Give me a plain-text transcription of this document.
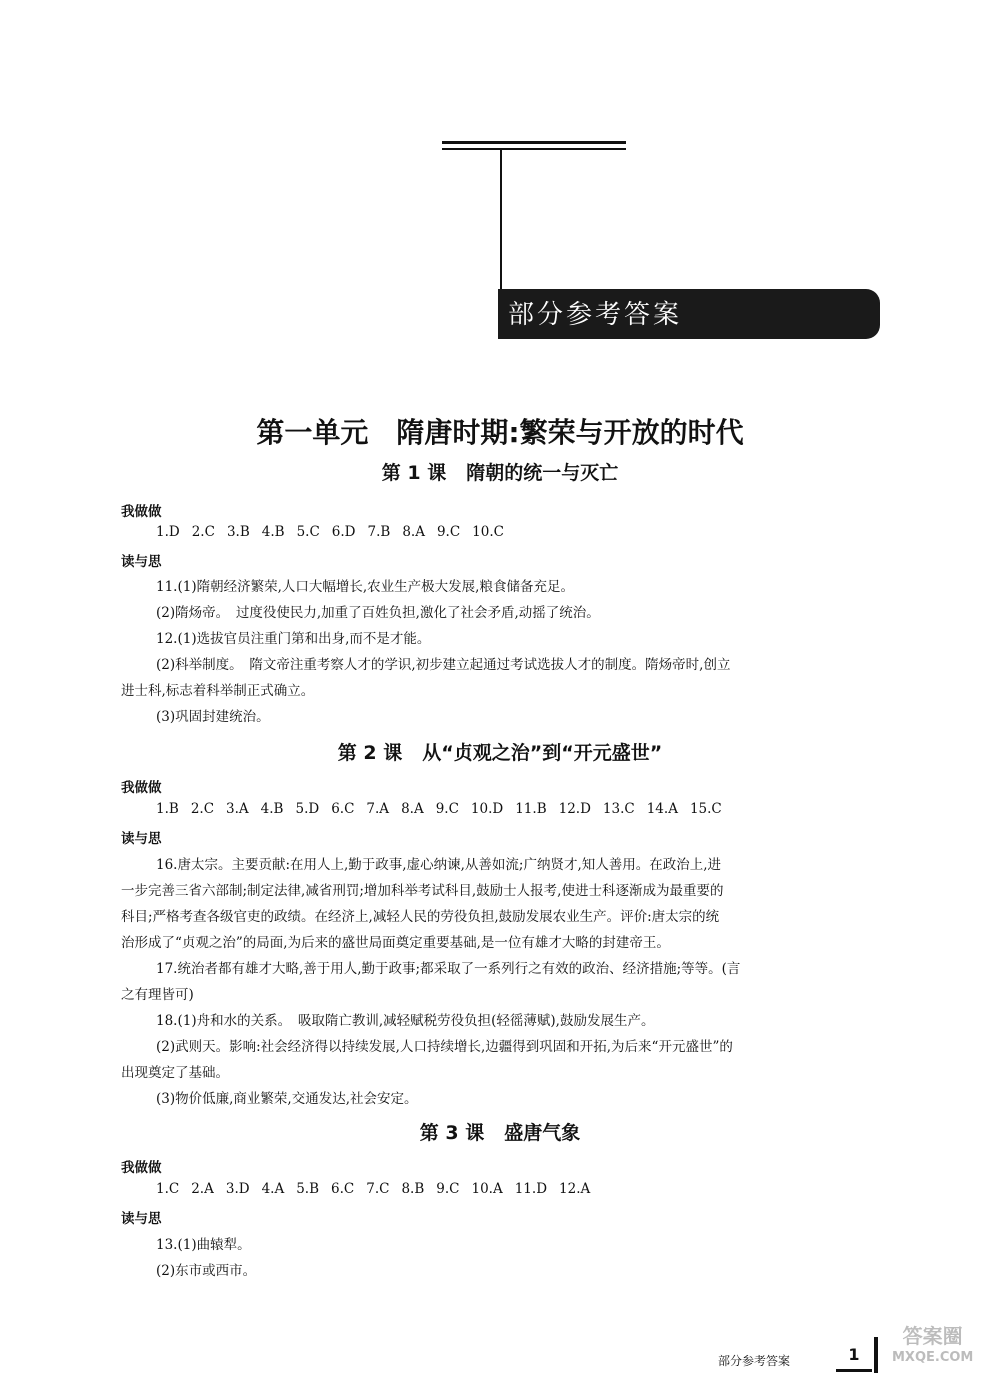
部分参考答案
第一单元　隋唐时期:繁荣与开放的时代
第 1 课 隋朝的统一与灭亡
我做做
1.D 2.C 3.B 4.B 5.C 6.D 7.B 8.A 9.C 10.C
读与思
11.(1)隋朝经济繁荣,人口大幅增长,农业生产极大发展,粮食储备充足。
(2)隋炀帝。　过度役使民力,加重了百姓负担,激化了社会矛盾,动摇了统治。
12.(1)选拔官员注重门第和出身,而不是才能。
(2)科举制度。　隋文帝注重考察人才的学识,初步建立起通过考试选拔人才的制度。隋炀帝时,创立
进士科,标志着科举制正式确立。
(3)巩固封建统治。
第 2 课 从“贞观之治”到“开元盛世”
我做做
1.B 2.C 3.A 4.B 5.D 6.C 7.A 8.A 9.C 10.D 11.B 12.D 13.C 14.A 15.C
读与思
16.唐太宗。主要贡献:在用人上,勤于政事,虚心纳谏,从善如流;广纳贤才,知人善用。在政治上,进
一步完善三省六部制;制定法律,减省刑罚;增加科举考试科目,鼓励士人报考,使进士科逐渐成为最重要的
科目;严格考查各级官吏的政绩。在经济上,减轻人民的劳役负担,鼓励发展农业生产。评价:唐太宗的统
治形成了“贞观之治”的局面,为后来的盛世局面奠定重要基础,是一位有雄才大略的封建帝王。
17.统治者都有雄才大略,善于用人,勤于政事;都采取了一系列行之有效的政治、经济措施;等等。(言
之有理皆可)
18.(1)舟和水的关系。　吸取隋亡教训,减轻赋税劳役负担(轻徭薄赋),鼓励发展生产。
(2)武则天。影响:社会经济得以持续发展,人口持续增长,边疆得到巩固和开拓,为后来“开元盛世”的
出现奠定了基础。
(3)物价低廉,商业繁荣,交通发达,社会安定。
第 3 课 盛唐气象
我做做
1.C 2.A 3.D 4.A 5.B 6.C 7.C 8.B 9.C 10.A 11.D 12.A
读与思
13.(1)曲辕犁。
(2)东市或西市。
部分参考答案	1
答案圈
MXQE.COM
